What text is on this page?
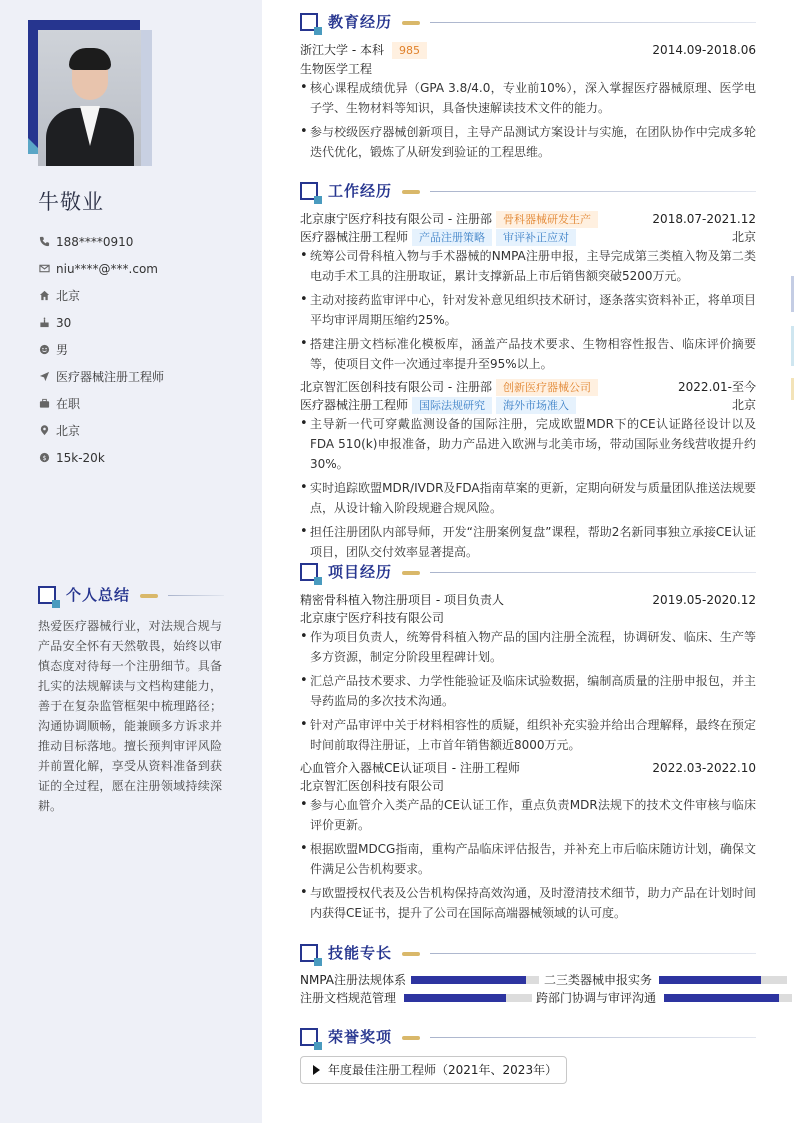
牛敬业
188****0910
niu****@***.com
北京
30
男
医疗器械注册工程师
在职
北京
$ 15k-20k
个人总结
热爱医疗器械行业，对法规合规与产品安全怀有天然敬畏，始终以审慎态度对待每一个注册细节。具备扎实的法规解读与文档构建能力，善于在复杂监管框架中梳理路径；沟通协调顺畅，能兼顾多方诉求并推动目标落地。擅长预判审评风险并前置化解，享受从资料准备到获证的全过程，愿在注册领域持续深耕。
教育经历
浙江大学 - 本科 985	2014.09-2018.06
生物医学工程
• 核心课程成绩优异（GPA 3.8/4.0，专业前10%），深入掌握医疗器械原理、医学电子学、生物材料等知识，具备快速解读技术文件的能力。
• 参与校级医疗器械创新项目，主导产品测试方案设计与实施，在团队协作中完成多轮迭代优化，锻炼了从研发到验证的工程思维。
工作经历
北京康宁医疗科技有限公司 - 注册部 骨科器械研发生产	2018.07-2021.12
医疗器械注册工程师 产品注册策略 审评补正应对	北京
• 统筹公司骨科植入物与手术器械的NMPA注册申报，主导完成第三类植入物及第二类电动手术工具的注册取证，累计支撑新品上市后销售额突破5200万元。
• 主动对接药监审评中心，针对发补意见组织技术研讨，逐条落实资料补正，将单项目平均审评周期压缩约25%。
• 搭建注册文档标准化模板库，涵盖产品技术要求、生物相容性报告、临床评价摘要等，使项目文件一次通过率提升至95%以上。
北京智汇医创科技有限公司 - 注册部 创新医疗器械公司	2022.01-至今
医疗器械注册工程师 国际法规研究 海外市场准入	北京
• 主导新一代可穿戴监测设备的国际注册，完成欧盟MDR下的CE认证路径设计以及FDA 510(k)申报准备，助力产品进入欧洲与北美市场，带动国际业务线营收提升约30%。
• 实时追踪欧盟MDR/IVDR及FDA指南草案的更新，定期向研发与质量团队推送法规要点，从设计输入阶段规避合规风险。
• 担任注册团队内部导师，开发“注册案例复盘”课程，帮助2名新同事独立承接CE认证项目，团队交付效率显著提高。
项目经历
精密骨科植入物注册项目 - 项目负责人	2019.05-2020.12
北京康宁医疗科技有限公司
• 作为项目负责人，统筹骨科植入物产品的国内注册全流程，协调研发、临床、生产等多方资源，制定分阶段里程碑计划。
• 汇总产品技术要求、力学性能验证及临床试验数据，编制高质量的注册申报包，并主导药监局的多次技术沟通。
• 针对产品审评中关于材料相容性的质疑，组织补充实验并给出合理解释，最终在预定时间前取得注册证，上市首年销售额近8000万元。
心血管介入器械CE认证项目 - 注册工程师	2022.03-2022.10
北京智汇医创科技有限公司
• 参与心血管介入类产品的CE认证工作，重点负责MDR法规下的技术文件审核与临床评价更新。
• 根据欧盟MDCG指南，重构产品临床评估报告，并补充上市后临床随访计划，确保文件满足公告机构要求。
• 与欧盟授权代表及公告机构保持高效沟通，及时澄清技术细节，助力产品在计划时间内获得CE证书，提升了公司在国际高端器械领域的认可度。
技能专长
NMPA注册法规体系	二三类器械申报实务
注册文档规范管理	跨部门协调与审评沟通
荣誉奖项
年度最佳注册工程师（2021年、2023年）
